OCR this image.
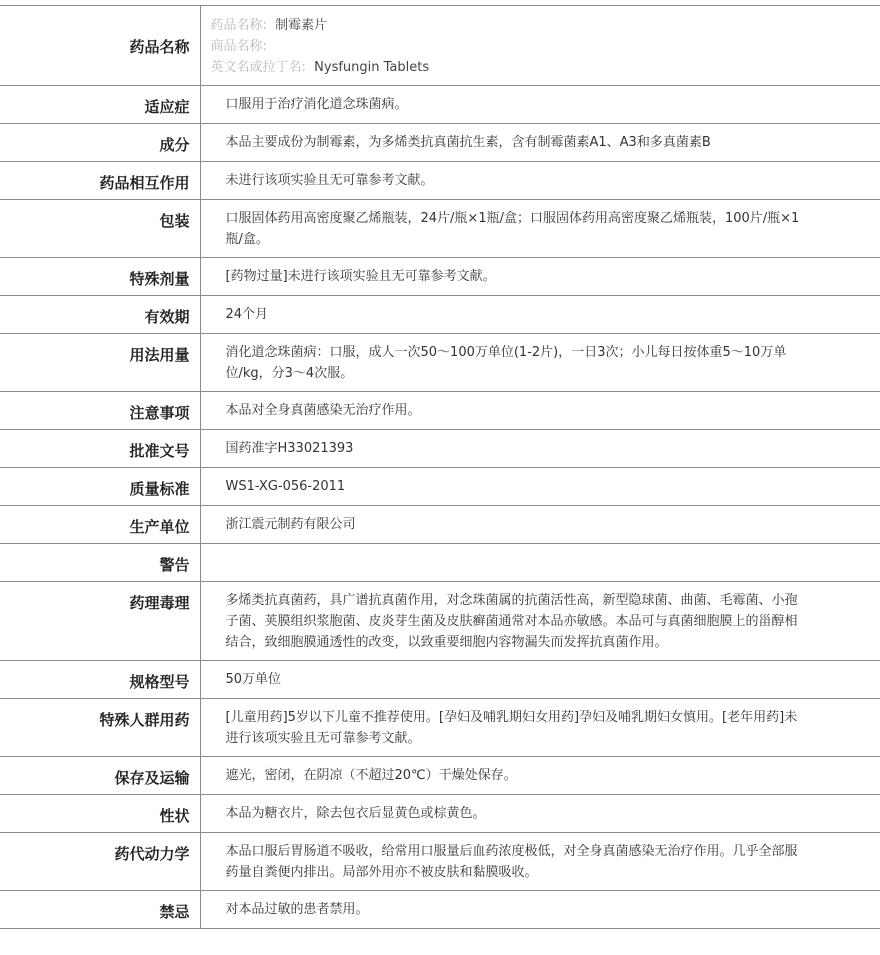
药品名称	药品名称: 制霉素片
商品名称:
英文名或拉丁名: Nysfungin Tablets

适应症	口服用于治疗消化道念珠菌病。
成分	本品主要成份为制霉素，为多烯类抗真菌抗生素，含有制霉菌素A1、A3和多真菌素B
药品相互作用	未进行该项实验且无可靠参考文献。
包装	口服固体药用高密度聚乙烯瓶装，24片/瓶×1瓶/盒；口服固体药用高密度聚乙烯瓶装，100片/瓶×1瓶/盒。
特殊剂量	[药物过量]未进行该项实验且无可靠参考文献。
有效期	24个月
用法用量	消化道念珠菌病：口服，成人一次50～100万单位(1-2片)，一日3次；小儿每日按体重5～10万单位/kg，分3～4次服。
注意事项	本品对全身真菌感染无治疗作用。
批准文号	国药准字H33021393
质量标准	WS1-XG-056-2011
生产单位	浙江震元制药有限公司
警告	
药理毒理	多烯类抗真菌药，具广谱抗真菌作用，对念珠菌属的抗菌活性高，新型隐球菌、曲菌、毛霉菌、小孢子菌、荚膜组织浆胞菌、皮炎芽生菌及皮肤癣菌通常对本品亦敏感。本品可与真菌细胞膜上的甾醇相结合，致细胞膜通透性的改变，以致重要细胞内容物漏失而发挥抗真菌作用。
规格型号	50万单位
特殊人群用药	[儿童用药]5岁以下儿童不推荐使用。[孕妇及哺乳期妇女用药]孕妇及哺乳期妇女慎用。[老年用药]未进行该项实验且无可靠参考文献。
保存及运输	遮光，密闭，在阴凉（不超过20℃）干燥处保存。
性状	本品为糖衣片，除去包衣后显黄色或棕黄色。
药代动力学	本品口服后胃肠道不吸收，给常用口服量后血药浓度极低，对全身真菌感染无治疗作用。几乎全部服药量自粪便内排出。局部外用亦不被皮肤和黏膜吸收。
禁忌	对本品过敏的患者禁用。
